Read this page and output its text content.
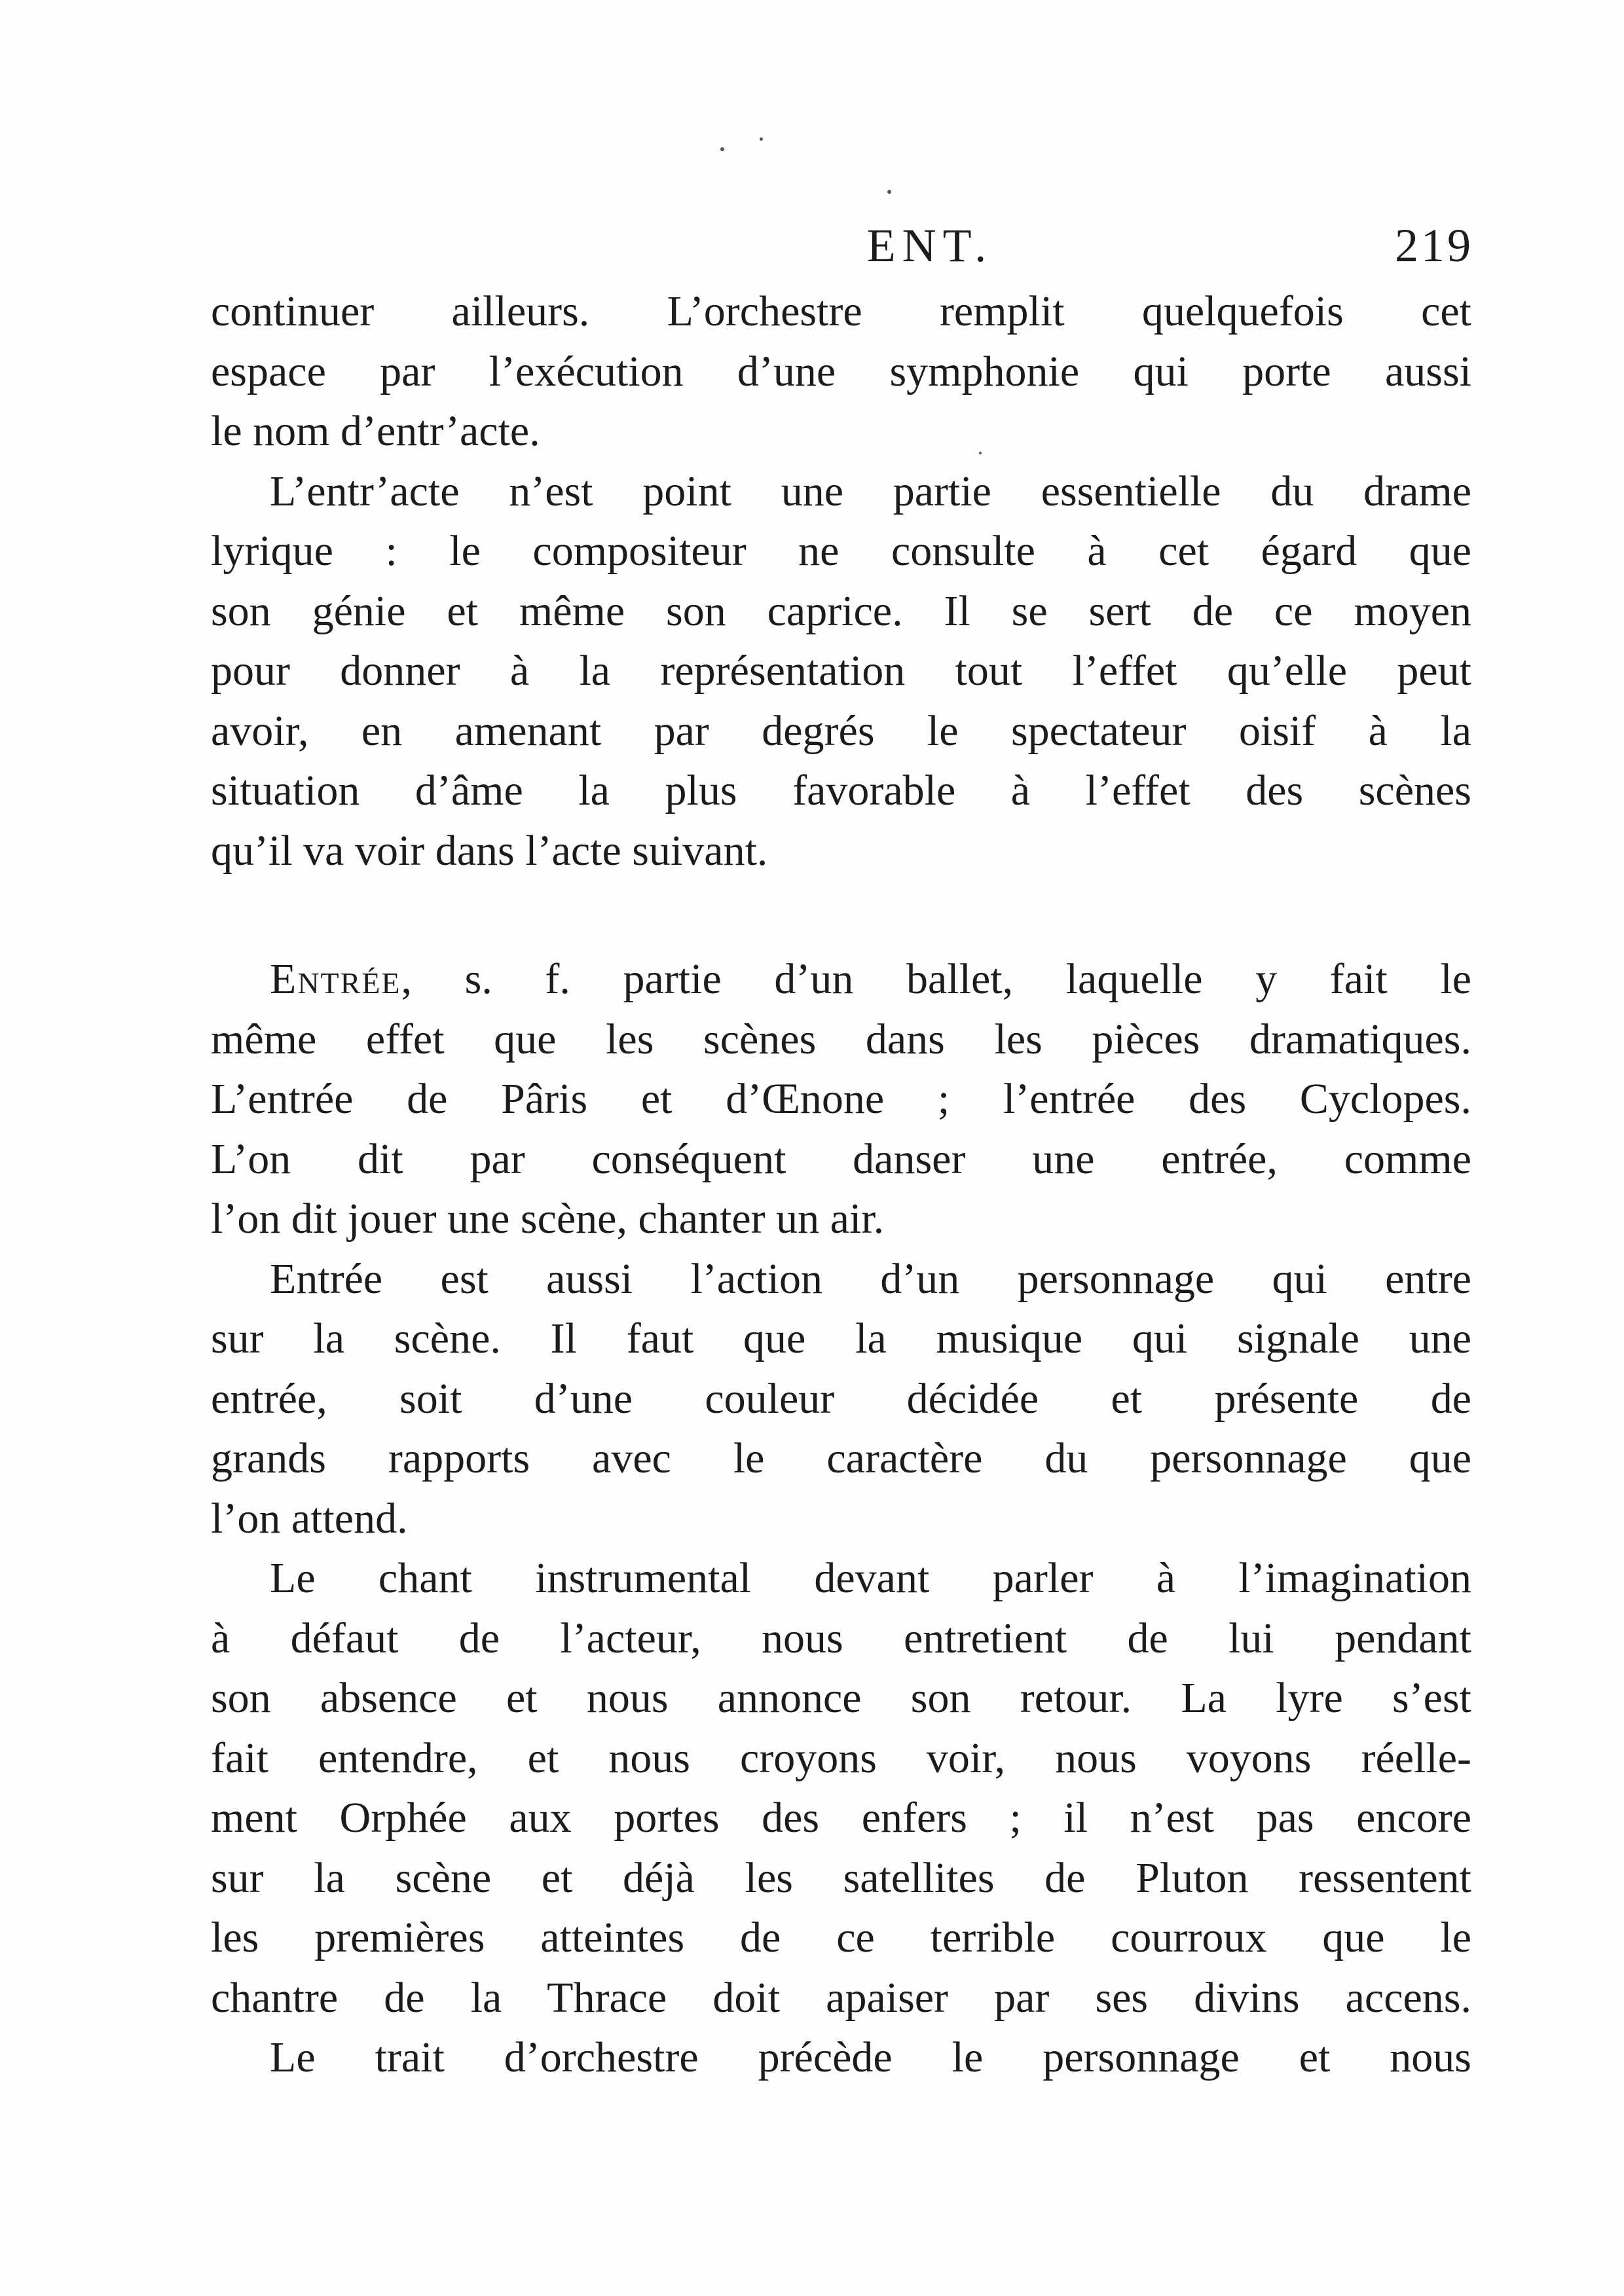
ENT.	219

continuer ailleurs. L’orchestre remplit quelquefois cet
espace par l’exécution d’une symphonie qui porte aussi
le nom d’entr’acte.

L’entr’acte n’est point une partie essentielle du drame
lyrique : le compositeur ne consulte à cet égard que
son génie et même son caprice. Il se sert de ce moyen
pour donner à la représentation tout l’effet qu’elle peut
avoir, en amenant par degrés le spectateur oisif à la
situation d’âme la plus favorable à l’effet des scènes
qu’il va voir dans l’acte suivant.

Entrée, s. f. partie d’un ballet, laquelle y fait le
même effet que les scènes dans les pièces dramatiques.
L’entrée de Pâris et d’Œnone ; l’entrée des Cyclopes.
L’on dit par conséquent danser une entrée, comme
l’on dit jouer une scène, chanter un air.

Entrée est aussi l’action d’un personnage qui entre
sur la scène. Il faut que la musique qui signale une
entrée, soit d’une couleur décidée et présente de
grands rapports avec le caractère du personnage que
l’on attend.

Le chant instrumental devant parler à l’imagination
à défaut de l’acteur, nous entretient de lui pendant
son absence et nous annonce son retour. La lyre s’est
fait entendre, et nous croyons voir, nous voyons réelle-
ment Orphée aux portes des enfers ; il n’est pas encore
sur la scène et déjà les satellites de Pluton ressentent
les premières atteintes de ce terrible courroux que le
chantre de la Thrace doit apaiser par ses divins accens.

Le trait d’orchestre précède le personnage et nous
